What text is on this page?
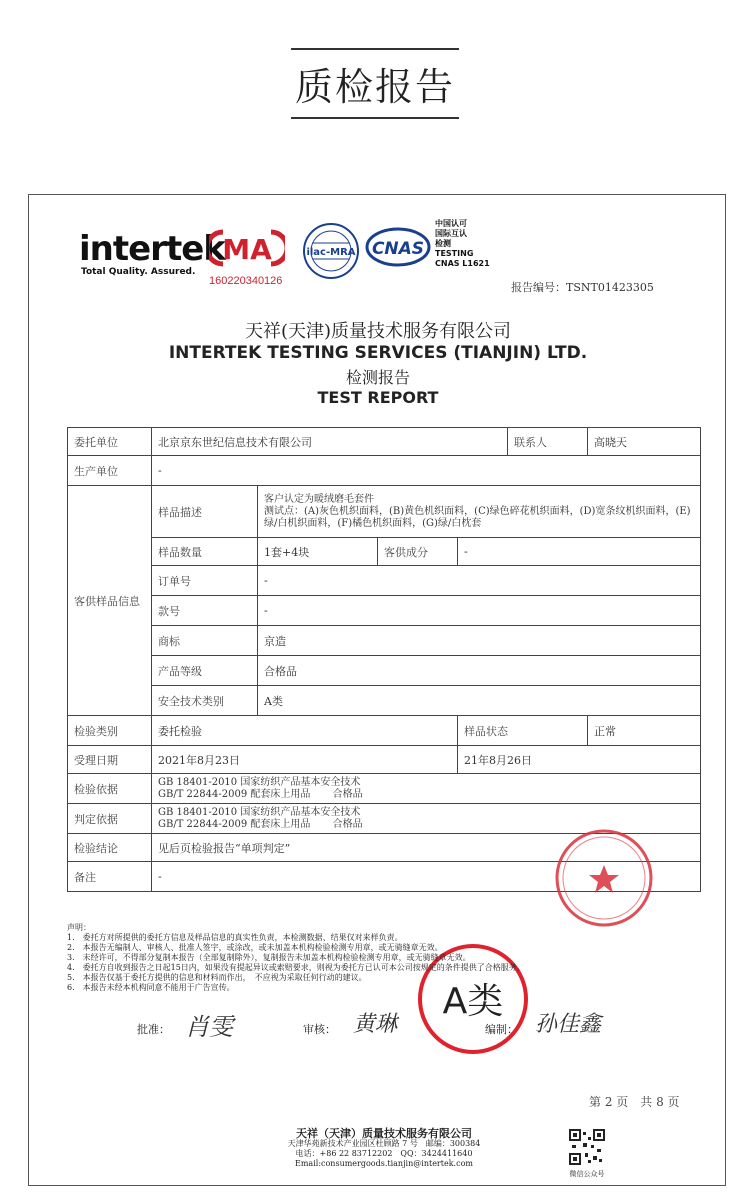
质检报告
intertek
Total Quality. Assured.
MA
160220340126
ilac-MRA CNAS
中国认可
国际互认
检测
TESTING
CNAS L1621
报告编号：TSNT01423305
天祥(天津)质量技术服务有限公司
INTERTEK TESTING SERVICES (TIANJIN) LTD.
检测报告
TEST REPORT
委托单位	北京京东世纪信息技术有限公司				联系人	高晓天
生产单位	-					
客供样品信息	样品描述	客户认定为暖绒磨毛套件
测试点：(A)灰色机织面料，(B)黄色机织面料，(C)绿色碎花机织面料，(D)宽条纹机织面料，(E)绿/白机织面料，(F)橘色机织面料，(G)绿/白枕套				

	样品数量	1套+4块	客供成分	-		
	订单号	-				
	款号	-				
	商标	京造				
	产品等级	合格品				
	安全技术类别	A类				
检验类别	委托检验			样品状态		正常
受理日期	2021年8月23日			21年8月26日		
检验依据	GB 18401-2010 国家纺织产品基本安全技术
GB/T 22844-2009 配套床上用品 合格品					

判定依据	GB 18401-2010 国家纺织产品基本安全技术
GB/T 22844-2009 配套床上用品 合格品					

检验结论	见后页检验报告“单项判定”					
备注	-					
A类
声明：
1.　委托方对所提供的委托方信息及样品信息的真实性负责，本检测数据、结果仅对来样负责。
2.　本报告无编制人、审核人、批准人签字，或涂改，或未加盖本机构检验检测专用章，或无骑缝章无效。
3.　未经许可，不得部分复制本报告（全部复制除外），复制报告未加盖本机构检验检测专用章，或无骑缝章无效。
4.　委托方自收到报告之日起15日内，如果没有提起异议或索赔要求，则视为委托方已认可本公司按规定的条件提供了合格服务。
5.　本报告仅基于委托方提供的信息和材料而作出，　不应视为采取任何行动的建议。
6.　本报告未经本机构同意不能用于广告宣传。
批准： 肖雯	审核： 黄琳	编制： 孙佳鑫
第 2 页　共 8 页
天祥（天津）质量技术服务有限公司
天津华苑新技术产业园区杜顾路 7 号　邮编：300384
电话：+86 22 83712202　QQ：3424411640
Email:consumergoods.tianjin@intertek.com
微信公众号
